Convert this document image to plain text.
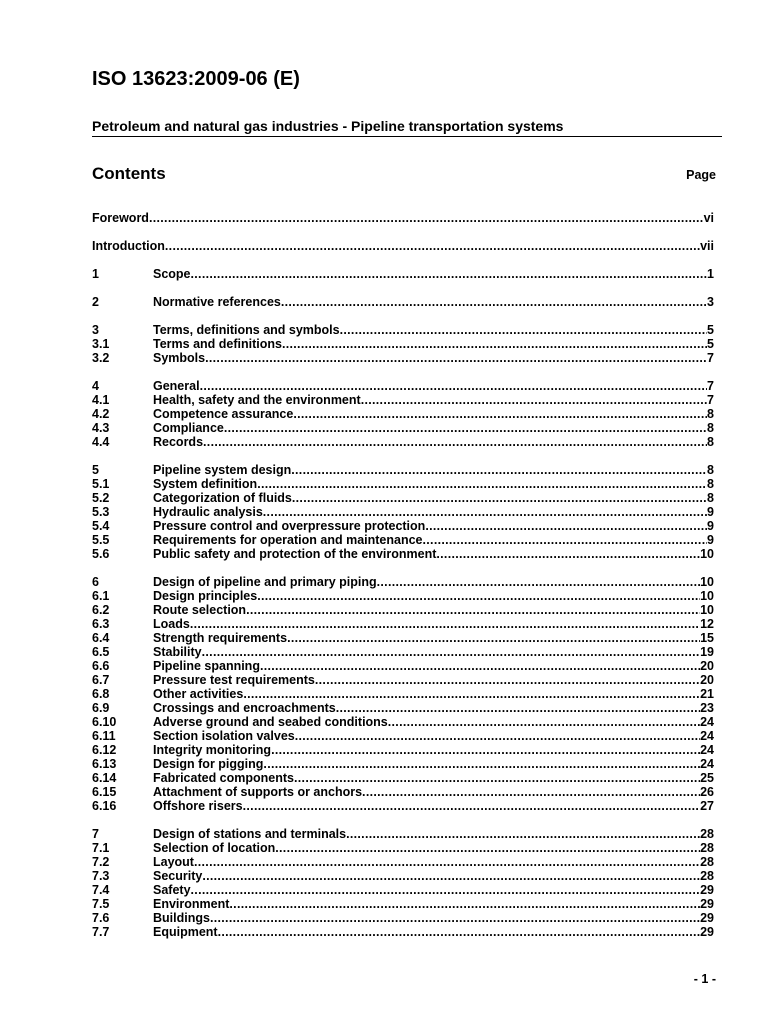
ISO 13623:2009-06 (E)
Petroleum and natural gas industries - Pipeline transportation systems
Contents	Page
Foreword .....	vi
Introduction .....	vii
1	Scope .....	1
2	Normative references .....	3
3	Terms, definitions and symbols .....	5
3.1	Terms and definitions .....	5
3.2	Symbols .....	7
4	General .....	7
4.1	Health, safety and the environment .....	7
4.2	Competence assurance .....	8
4.3	Compliance .....	8
4.4	Records .....	8
5	Pipeline system design .....	8
5.1	System definition .....	8
5.2	Categorization of fluids .....	8
5.3	Hydraulic analysis .....	9
5.4	Pressure control and overpressure protection .....	9
5.5	Requirements for operation and maintenance .....	9
5.6	Public safety and protection of the environment .....	10
6	Design of pipeline and primary piping .....	10
6.1	Design principles .....	10
6.2	Route selection .....	10
6.3	Loads .....	12
6.4	Strength requirements .....	15
6.5	Stability .....	19
6.6	Pipeline spanning .....	20
6.7	Pressure test requirements .....	20
6.8	Other activities .....	21
6.9	Crossings and encroachments .....	23
6.10	Adverse ground and seabed conditions .....	24
6.11	Section isolation valves .....	24
6.12	Integrity monitoring .....	24
6.13	Design for pigging .....	24
6.14	Fabricated components .....	25
6.15	Attachment of supports or anchors .....	26
6.16	Offshore risers .....	27
7	Design of stations and terminals .....	28
7.1	Selection of location .....	28
7.2	Layout .....	28
7.3	Security .....	28
7.4	Safety .....	29
7.5	Environment .....	29
7.6	Buildings .....	29
7.7	Equipment .....	29
- 1 -
